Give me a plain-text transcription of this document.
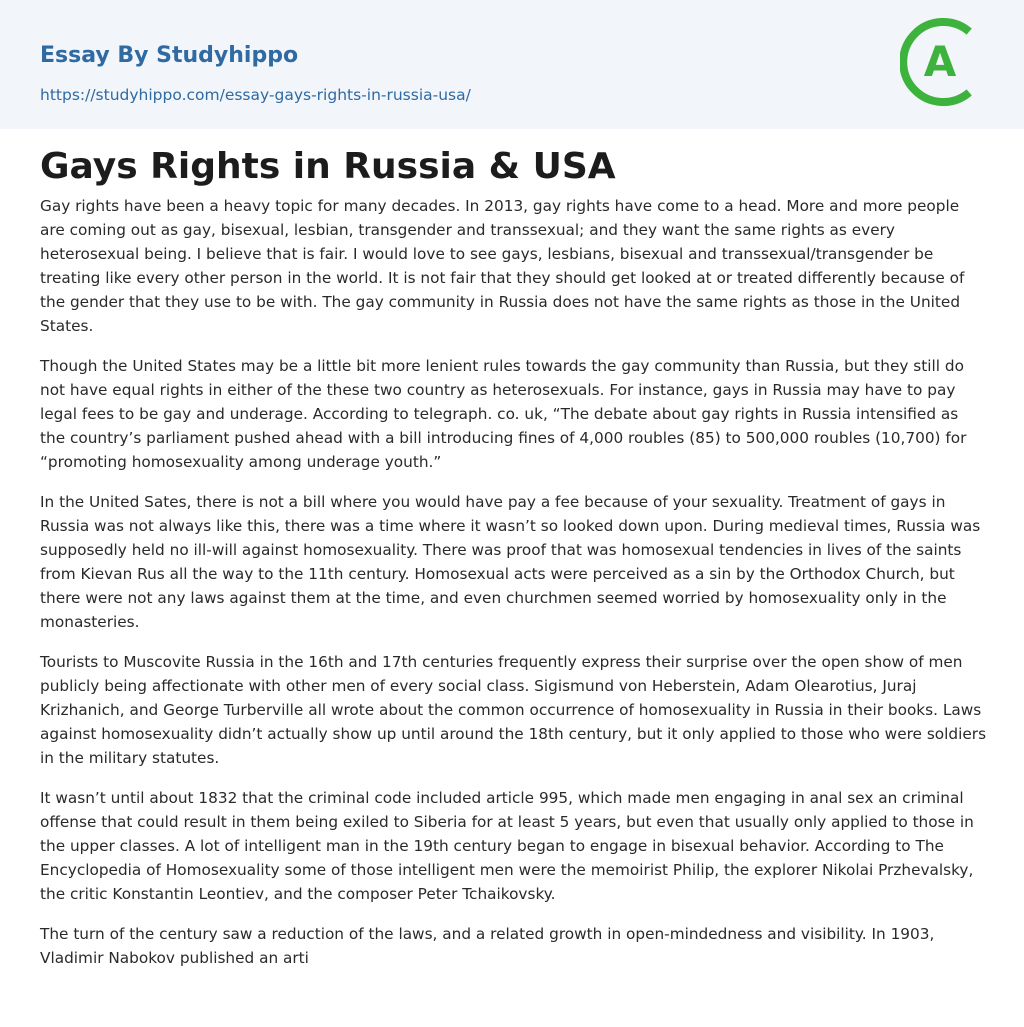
Essay By Studyhippo
https://studyhippo.com/essay-gays-rights-in-russia-usa/
A
Gays Rights in Russia & USA

Gay rights have been a heavy topic for many decades. In 2013, gay rights have come to a head. More and more people are coming out as gay, bisexual, lesbian, transgender and transsexual; and they want the same rights as every heterosexual being. I believe that is fair. I would love to see gays, lesbians, bisexual and transsexual/transgender be treating like every other person in the world. It is not fair that they should get looked at or treated differently because of the gender that they use to be with. The gay community in Russia does not have the same rights as those in the United States.

Though the United States may be a little bit more lenient rules towards the gay community than Russia, but they still do not have equal rights in either of the these two country as heterosexuals. For instance, gays in Russia may have to pay legal fees to be gay and underage. According to telegraph. co. uk, “The debate about gay rights in Russia intensified as the country’s parliament pushed ahead with a bill introducing fines of 4,000 roubles (85) to 500,000 roubles (10,700) for “promoting homosexuality among underage youth.”

In the United Sates, there is not a bill where you would have pay a fee because of your sexuality. Treatment of gays in Russia was not always like this, there was a time where it wasn’t so looked down upon. During medieval times, Russia was supposedly held no ill-will against homosexuality. There was proof that was homosexual tendencies in lives of the saints from Kievan Rus all the way to the 11th century. Homosexual acts were perceived as a sin by the Orthodox Church, but there were not any laws against them at the time, and even churchmen seemed worried by homosexuality only in the monasteries.

Tourists to Muscovite Russia in the 16th and 17th centuries frequently express their surprise over the open show of men publicly being affectionate with other men of every social class. Sigismund von Heberstein, Adam Olearotius, Juraj Krizhanich, and George Turberville all wrote about the common occurrence of homosexuality in Russia in their books. Laws against homosexuality didn’t actually show up until around the 18th century, but it only applied to those who were soldiers in the military statutes.

It wasn’t until about 1832 that the criminal code included article 995, which made men engaging in anal sex an criminal offense that could result in them being exiled to Siberia for at least 5 years, but even that usually only applied to those in the upper classes. A lot of intelligent man in the 19th century began to engage in bisexual behavior. According to The Encyclopedia of Homosexuality some of those intelligent men were the memoirist Philip, the explorer Nikolai Przhevalsky, the critic Konstantin Leontiev, and the composer Peter Tchaikovsky.

The turn of the century saw a reduction of the laws, and a related growth in open-mindedness and visibility. In 1903, Vladimir Nabokov published an arti
